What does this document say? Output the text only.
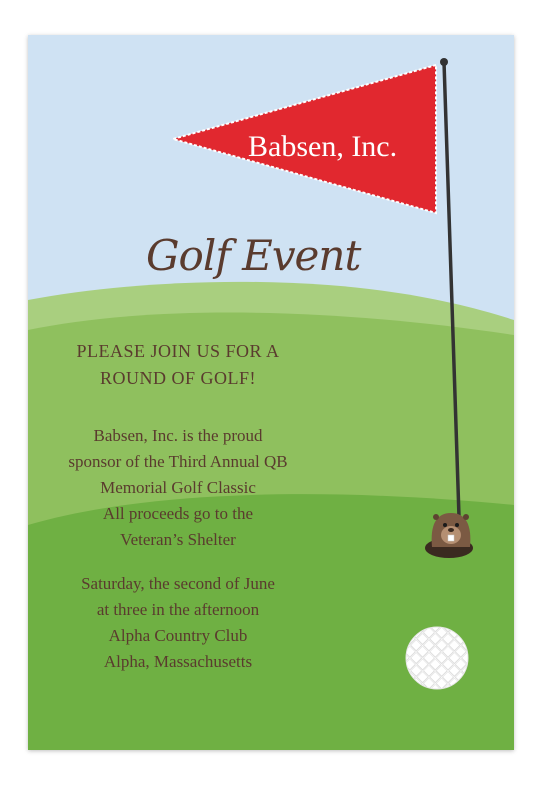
Babsen, Inc.
Golf Event
PLEASE JOIN US FOR A
ROUND OF GOLF!
Babsen, Inc. is the proud
sponsor of the Third Annual QB
Memorial Golf Classic
All proceeds go to the
Veteran’s Shelter
Saturday, the second of June
at three in the afternoon
Alpha Country Club
Alpha, Massachusetts
